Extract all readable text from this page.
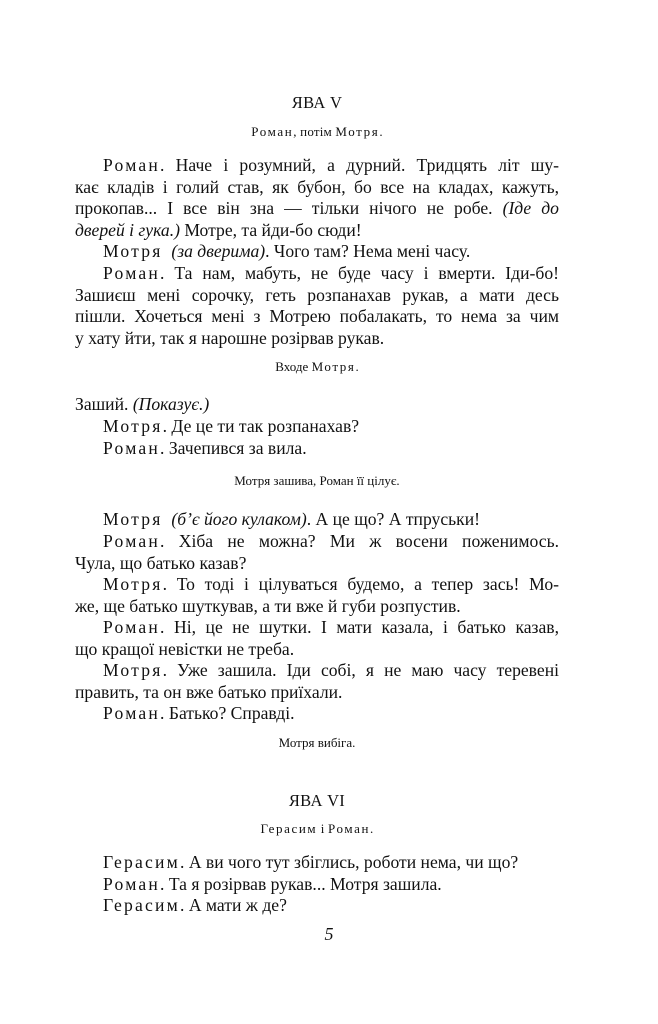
ЯВА V
Роман, потім Мотря.
Роман. Наче і розумний, а дурний. Тридцять літ шу-
кає кладів і голий став, як бубон, бо все на кладах, кажуть,
прокопав... І все він зна — тільки нічого не робе. (Іде до
дверей і гука.) Мотре, та йди-бо сюди!
Мотря (за дверима). Чого там? Нема мені часу.
Роман. Та нам, мабуть, не буде часу і вмерти. Іди-бо!
Зашиєш мені сорочку, геть розпанахав рукав, а мати десь
пішли. Хочеться мені з Мотрею побалакать, то нема за чим
у хату йти, так я нарошне розірвав рукав.
Входе Мотря.
Заший. (Показує.)
Мотря. Де це ти так розпанахав?
Роман. Зачепився за вила.
Мотря зашива, Роман її цілує.
Мотря (б’є його кулаком). А це що? А тпруськи!
Роман. Хіба не можна? Ми ж восени поженимось.
Чула, що батько казав?
Мотря. То тоді і цілуваться будемо, а тепер зась! Мо-
же, ще батько шуткував, а ти вже й губи розпустив.
Роман. Ні, це не шутки. І мати казала, і батько казав,
що кращої невістки не треба.
Мотря. Уже зашила. Іди собі, я не маю часу теревені
править, та он вже батько приїхали.
Роман. Батько? Справді.
Мотря вибіга.
ЯВА VI
Герасим і Роман.
Герасим. А ви чого тут збіглись, роботи нема, чи що?
Роман. Та я розірвав рукав... Мотря зашила.
Герасим. А мати ж де?
5
